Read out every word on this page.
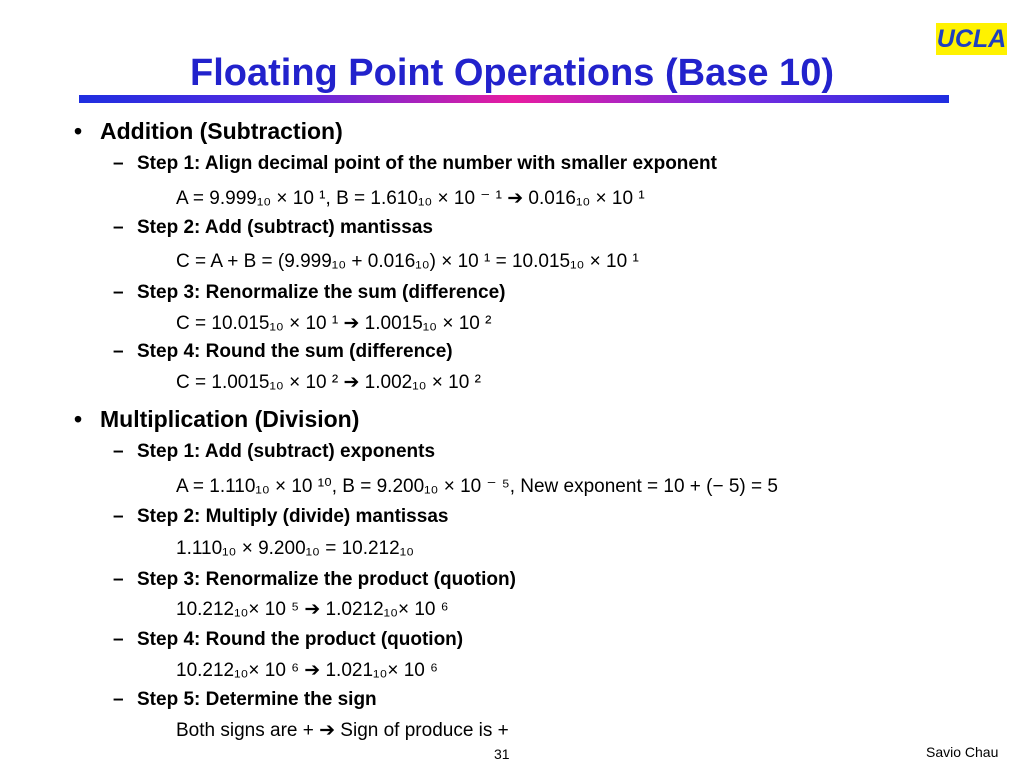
UCLA
Floating Point Operations (Base 10)
• Addition (Subtraction)
– Step 1: Align decimal point of the number with smaller exponent
A = 9.999₁₀ × 10 ¹, B = 1.610₁₀ × 10 ⁻ ¹ ➔ 0.016₁₀ × 10 ¹
– Step 2: Add (subtract) mantissas
C = A + B = (9.999₁₀ + 0.016₁₀) × 10 ¹ = 10.015₁₀ × 10 ¹
– Step 3: Renormalize the sum (difference)
C = 10.015₁₀ × 10 ¹ ➔ 1.0015₁₀ × 10 ²
– Step 4: Round the sum (difference)
C = 1.0015₁₀ × 10 ² ➔ 1.002₁₀ × 10 ²
• Multiplication (Division)
– Step 1: Add (subtract) exponents
A = 1.110₁₀ × 10 ¹⁰, B = 9.200₁₀ × 10 ⁻ ⁵, New exponent = 10 + (− 5) = 5
– Step 2: Multiply (divide) mantissas
1.110₁₀ × 9.200₁₀ = 10.212₁₀
– Step 3: Renormalize the product (quotion)
10.212₁₀× 10 ⁵ ➔ 1.0212₁₀× 10 ⁶
– Step 4: Round the product (quotion)
10.212₁₀× 10 ⁶ ➔ 1.021₁₀× 10 ⁶
– Step 5: Determine the sign
Both signs are + ➔ Sign of produce is +
31	Savio Chau
